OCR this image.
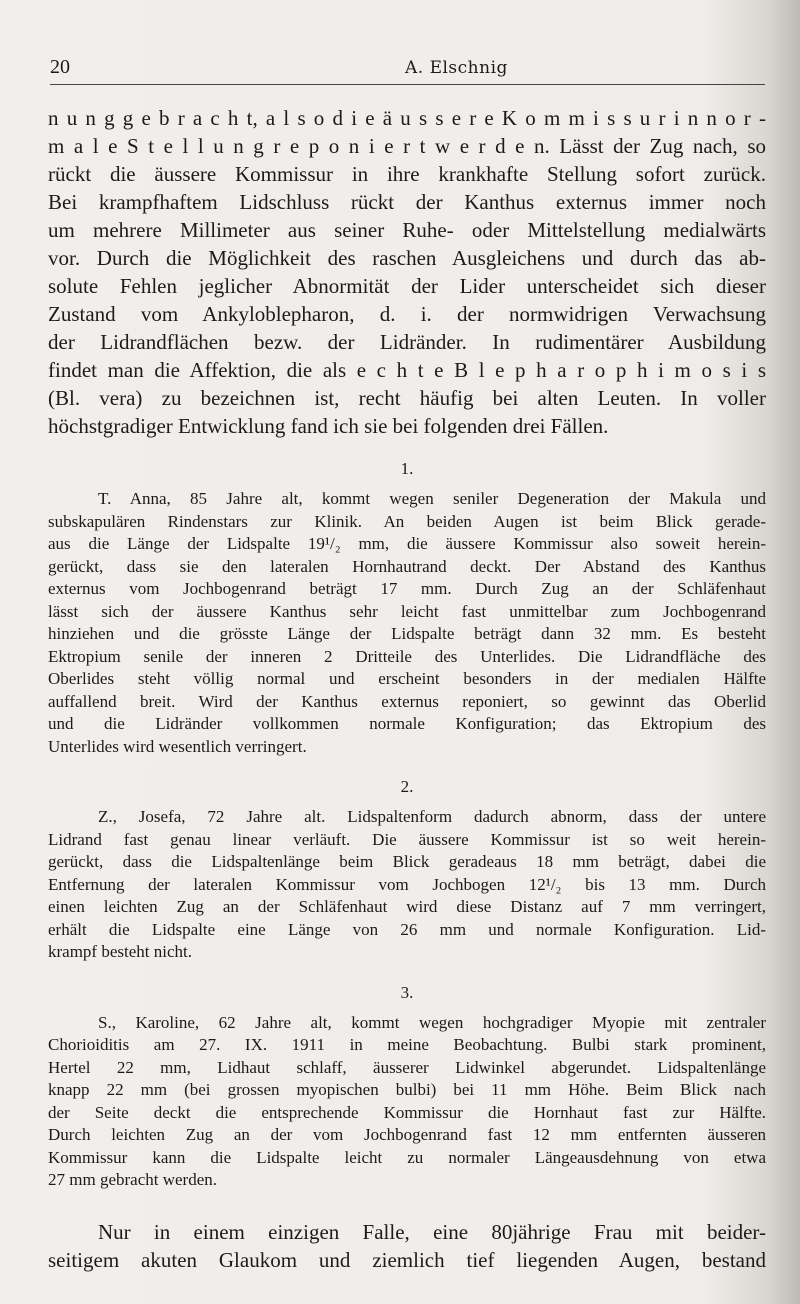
20	A. Elschnig
n u n g g e b r a c h t, a l s o d i e ä u s s e r e K o m m i s s u r i n n o r -
m a l e S t e l l u n g r e p o n i e r t w e r d e n. Lässt der Zug nach, so
rückt die äussere Kommissur in ihre krankhafte Stellung sofort zurück.
Bei krampfhaftem Lidschluss rückt der Kanthus externus immer noch
um mehrere Millimeter aus seiner Ruhe- oder Mittelstellung medialwärts
vor. Durch die Möglichkeit des raschen Ausgleichens und durch das ab-
solute Fehlen jeglicher Abnormität der Lider unterscheidet sich dieser
Zustand vom Ankyloblepharon, d. i. der normwidrigen Verwachsung
der Lidrandflächen bezw. der Lidränder. In rudimentärer Ausbildung
findet man die Affektion, die als e c h t e B l e p h a r o p h i m o s i s
(Bl. vera) zu bezeichnen ist, recht häufig bei alten Leuten. In voller
höchstgradiger Entwicklung fand ich sie bei folgenden drei Fällen.
1.
T. Anna, 85 Jahre alt, kommt wegen seniler Degeneration der Makula und
subskapulären Rindenstars zur Klinik. An beiden Augen ist beim Blick gerade-
aus die Länge der Lidspalte 19¹/₂ mm, die äussere Kommissur also soweit herein-
gerückt, dass sie den lateralen Hornhautrand deckt. Der Abstand des Kanthus
externus vom Jochbogenrand beträgt 17 mm. Durch Zug an der Schläfenhaut
lässt sich der äussere Kanthus sehr leicht fast unmittelbar zum Jochbogenrand
hinziehen und die grösste Länge der Lidspalte beträgt dann 32 mm. Es besteht
Ektropium senile der inneren 2 Dritteile des Unterlides. Die Lidrandfläche des
Oberlides steht völlig normal und erscheint besonders in der medialen Hälfte
auffallend breit. Wird der Kanthus externus reponiert, so gewinnt das Oberlid
und die Lidränder vollkommen normale Konfiguration; das Ektropium des
Unterlides wird wesentlich verringert.
2.
Z., Josefa, 72 Jahre alt. Lidspaltenform dadurch abnorm, dass der untere
Lidrand fast genau linear verläuft. Die äussere Kommissur ist so weit herein-
gerückt, dass die Lidspaltenlänge beim Blick geradeaus 18 mm beträgt, dabei die
Entfernung der lateralen Kommissur vom Jochbogen 12¹/₂ bis 13 mm. Durch
einen leichten Zug an der Schläfenhaut wird diese Distanz auf 7 mm verringert,
erhält die Lidspalte eine Länge von 26 mm und normale Konfiguration. Lid-
krampf besteht nicht.
3.
S., Karoline, 62 Jahre alt, kommt wegen hochgradiger Myopie mit zentraler
Chorioiditis am 27. IX. 1911 in meine Beobachtung. Bulbi stark prominent,
Hertel 22 mm, Lidhaut schlaff, äusserer Lidwinkel abgerundet. Lidspaltenlänge
knapp 22 mm (bei grossen myopischen bulbi) bei 11 mm Höhe. Beim Blick nach
der Seite deckt die entsprechende Kommissur die Hornhaut fast zur Hälfte.
Durch leichten Zug an der vom Jochbogenrand fast 12 mm entfernten äusseren
Kommissur kann die Lidspalte leicht zu normaler Längeausdehnung von etwa
27 mm gebracht werden.
Nur in einem einzigen Falle, eine 80jährige Frau mit beider-
seitigem akuten Glaukom und ziemlich tief liegenden Augen, bestand
